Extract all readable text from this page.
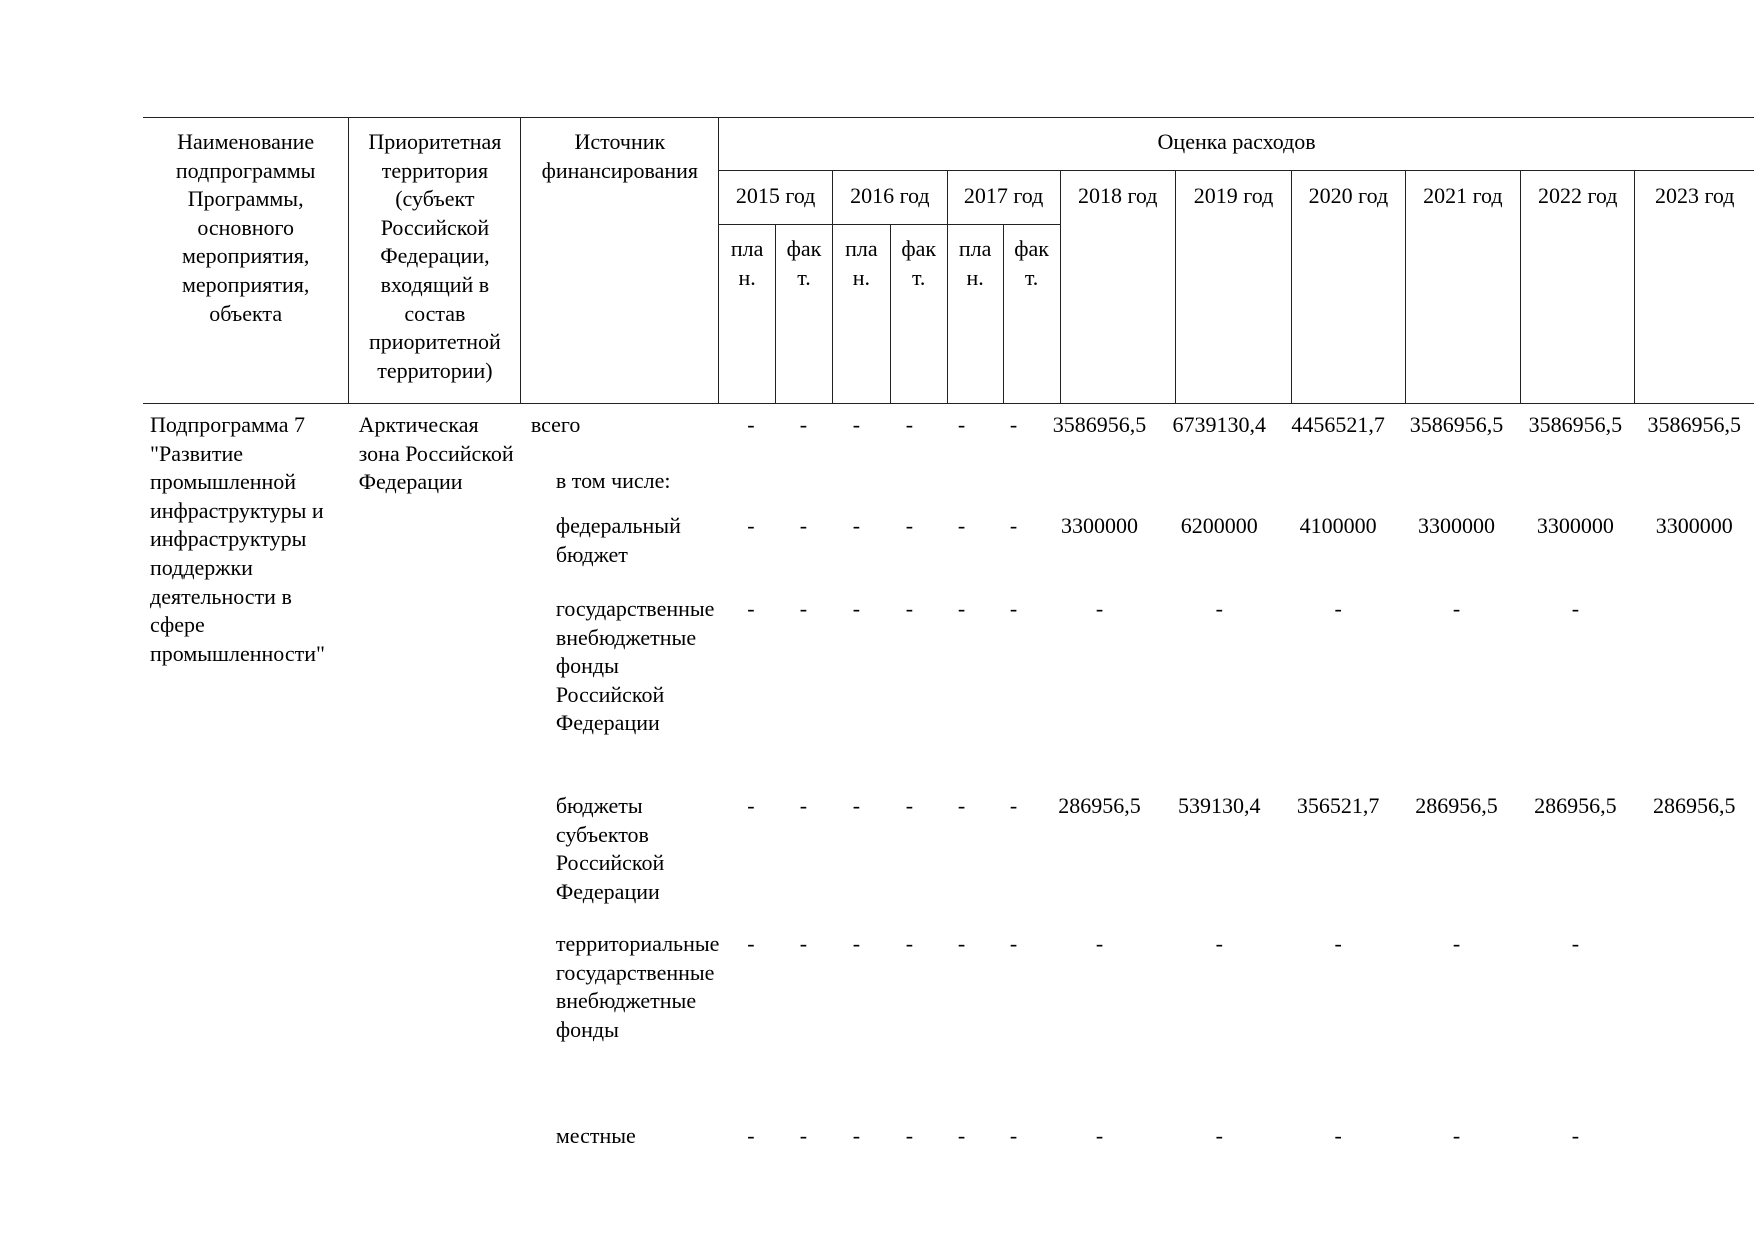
Наименование подпрограммы Программы, основного мероприятия, мероприятия, объекта	Приоритетная территория (субъект Российской Федерации, входящий в состав приоритетной территории)	Источник финансирования	Оценка расходов											
			2015 год		2016 год		2017 год		2018 год	2019 год	2020 год	2021 год	2022 год	2023 год
			пла н.	фак т.	пла н.	фак т.	пла н.	фак т.						
Подпрограмма 7 "Развитие промышленной инфраструктуры и инфраструктуры поддержки деятельности в сфере промышленности"	Арктическая зона Российской Федерации	всего	-	-	-	-	-	-	3586956,5	6739130,4	4456521,7	3586956,5	3586956,5	3586956,5
		в том числе:												
		федеральный бюджет	-	-	-	-	-	-	3300000	6200000	4100000	3300000	3300000	3300000
		государственные внебюджетные фонды Российской Федерации	-	-	-	-	-	-	-	-	-	-	-	
		бюджеты субъектов Российской Федерации	-	-	-	-	-	-	286956,5	539130,4	356521,7	286956,5	286956,5	286956,5
		территориальные государственные внебюджетные фонды	-	-	-	-	-	-	-	-	-	-	-	
		местные	-	-	-	-	-	-	-	-	-	-	-	
